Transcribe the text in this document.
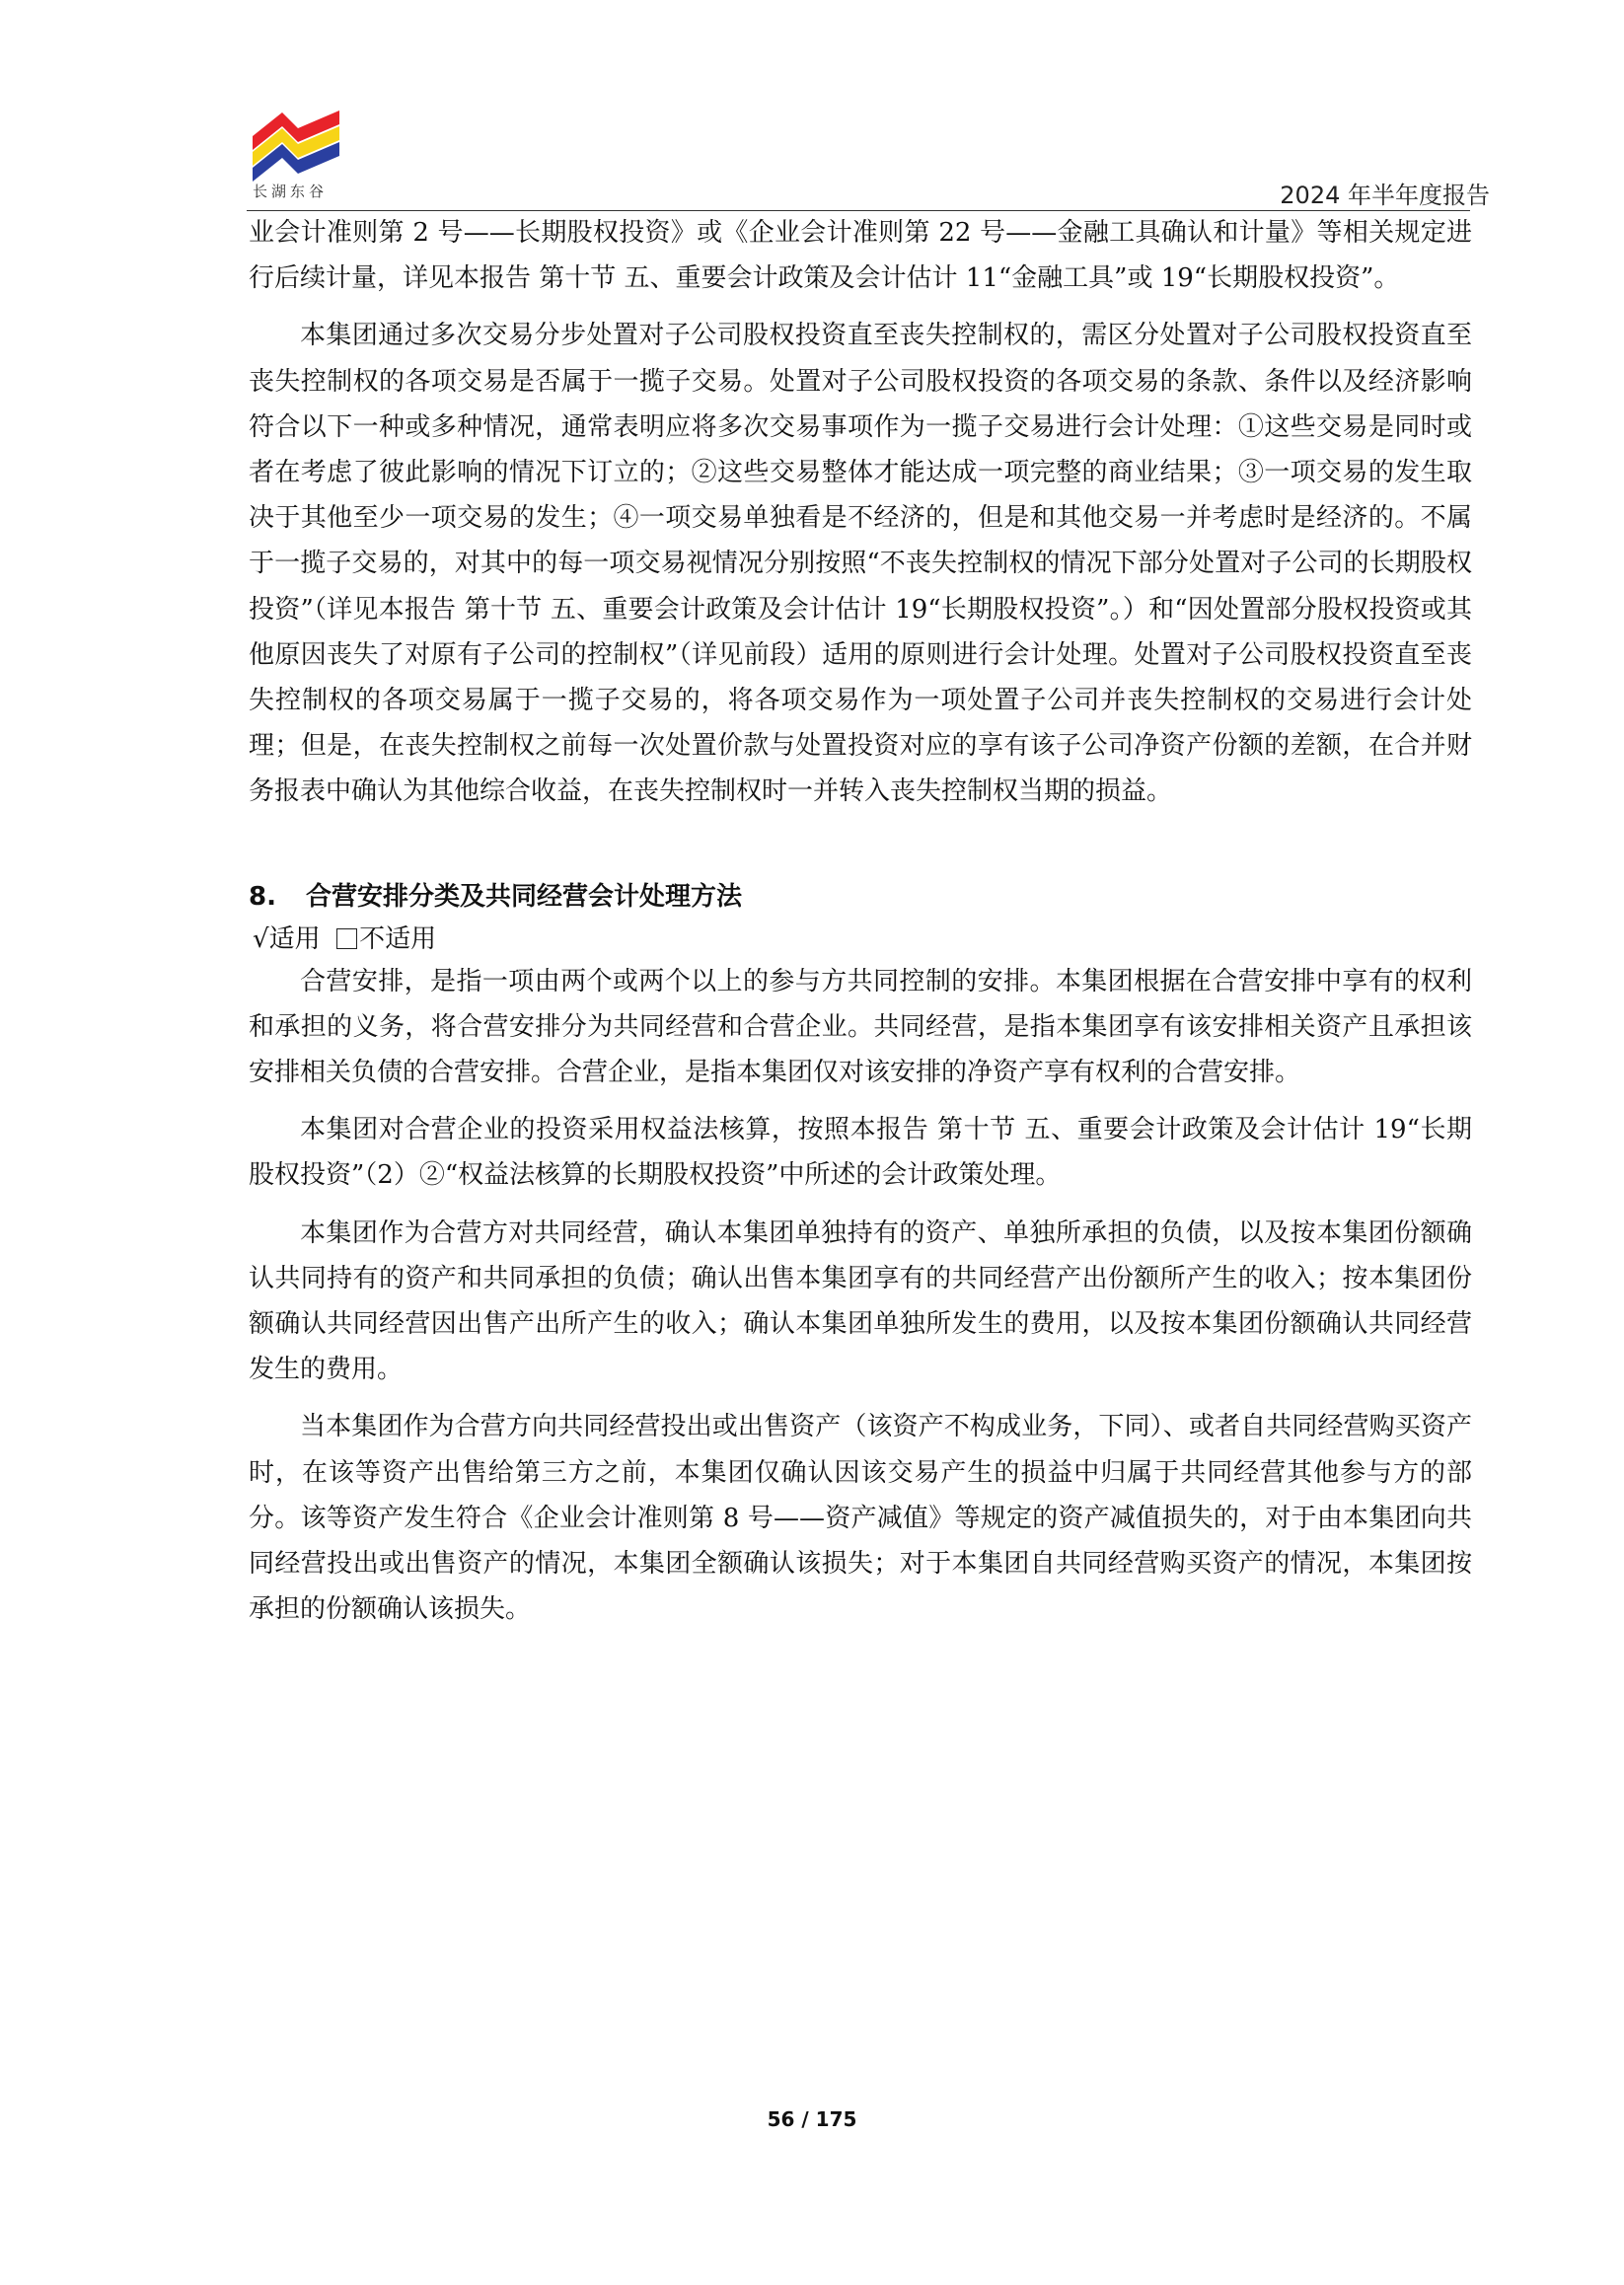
长湖东谷	2024 年半年度报告

业会计准则第 2 号——长期股权投资》或《企业会计准则第 22 号——金融工具确认和计量》等相关规定进行后续计量，详见本报告 第十节 五、重要会计政策及会计估计 11“金融工具”或 19“长期股权投资”。

本集团通过多次交易分步处置对子公司股权投资直至丧失控制权的，需区分处置对子公司股权投资直至丧失控制权的各项交易是否属于一揽子交易。处置对子公司股权投资的各项交易的条款、条件以及经济影响符合以下一种或多种情况，通常表明应将多次交易事项作为一揽子交易进行会计处理：①这些交易是同时或者在考虑了彼此影响的情况下订立的；②这些交易整体才能达成一项完整的商业结果；③一项交易的发生取决于其他至少一项交易的发生；④一项交易单独看是不经济的，但是和其他交易一并考虑时是经济的。不属于一揽子交易的，对其中的每一项交易视情况分别按照“不丧失控制权的情况下部分处置对子公司的长期股权投资”（详见本报告 第十节 五、重要会计政策及会计估计 19“长期股权投资”。）和“因处置部分股权投资或其他原因丧失了对原有子公司的控制权”（详见前段）适用的原则进行会计处理。处置对子公司股权投资直至丧失控制权的各项交易属于一揽子交易的，将各项交易作为一项处置子公司并丧失控制权的交易进行会计处理；但是，在丧失控制权之前每一次处置价款与处置投资对应的享有该子公司净资产份额的差额，在合并财务报表中确认为其他综合收益，在丧失控制权时一并转入丧失控制权当期的损益。

8. 合营安排分类及共同经营会计处理方法
√适用 不适用

合营安排，是指一项由两个或两个以上的参与方共同控制的安排。本集团根据在合营安排中享有的权利和承担的义务，将合营安排分为共同经营和合营企业。共同经营，是指本集团享有该安排相关资产且承担该安排相关负债的合营安排。合营企业，是指本集团仅对该安排的净资产享有权利的合营安排。

本集团对合营企业的投资采用权益法核算，按照本报告 第十节 五、重要会计政策及会计估计 19“长期股权投资”（2）②“权益法核算的长期股权投资”中所述的会计政策处理。

本集团作为合营方对共同经营，确认本集团单独持有的资产、单独所承担的负债，以及按本集团份额确认共同持有的资产和共同承担的负债；确认出售本集团享有的共同经营产出份额所产生的收入；按本集团份额确认共同经营因出售产出所产生的收入；确认本集团单独所发生的费用，以及按本集团份额确认共同经营发生的费用。

当本集团作为合营方向共同经营投出或出售资产（该资产不构成业务，下同）、或者自共同经营购买资产时，在该等资产出售给第三方之前，本集团仅确认因该交易产生的损益中归属于共同经营其他参与方的部分。该等资产发生符合《企业会计准则第 8 号——资产减值》等规定的资产减值损失的，对于由本集团向共同经营投出或出售资产的情况，本集团全额确认该损失；对于本集团自共同经营购买资产的情况，本集团按承担的份额确认该损失。

56 / 175
